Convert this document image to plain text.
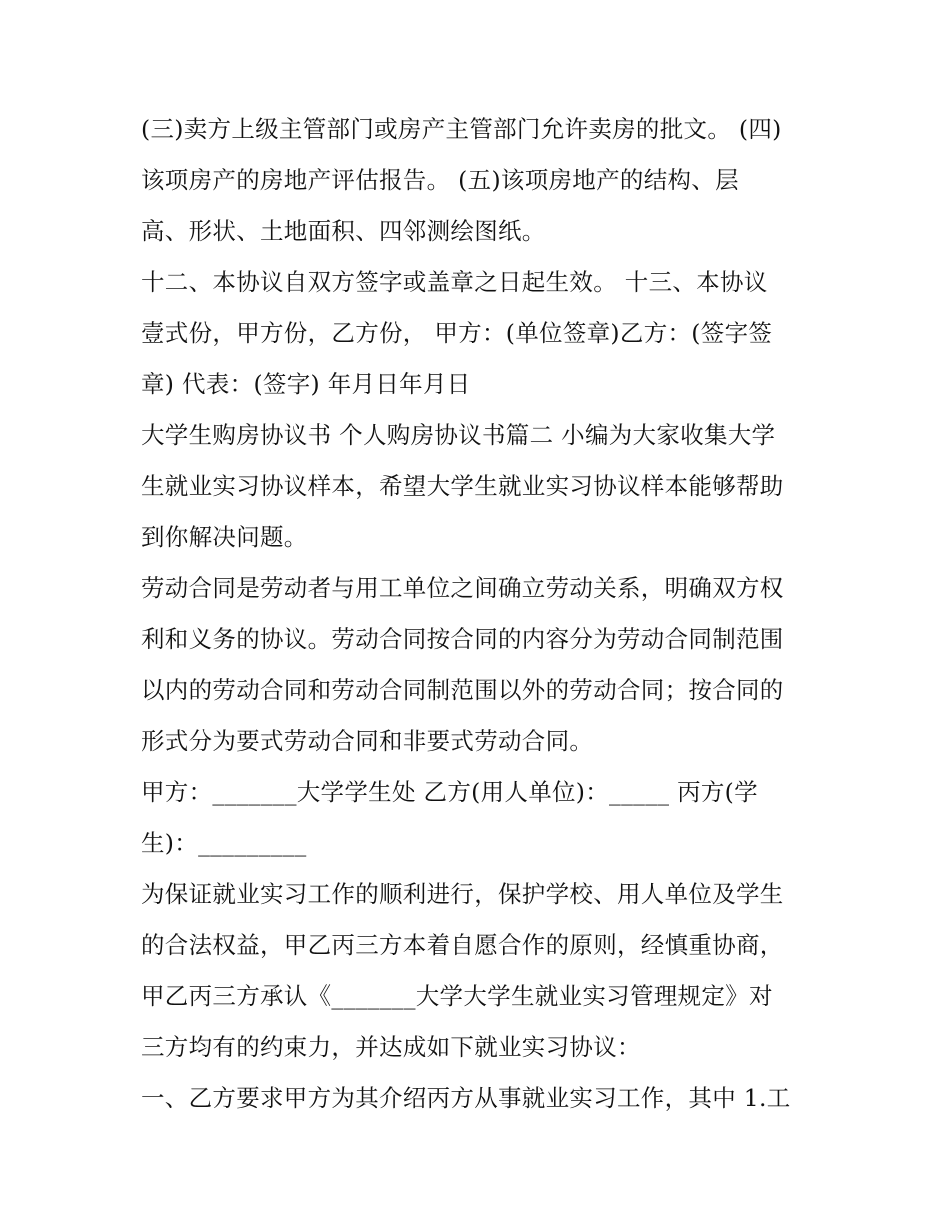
(三)卖方上级主管部门或房产主管部门允许卖房的批文。 (四)
该项房产的房地产评估报告。 (五)该项房地产的结构、层
高、形状、土地面积、四邻测绘图纸。
十二、本协议自双方签字或盖章之日起生效。 十三、本协议
壹式份，甲方份，乙方份， 甲方：(单位签章)乙方：(签字签
章) 代表：(签字) 年月日年月日
大学生购房协议书 个人购房协议书篇二 小编为大家收集大学
生就业实习协议样本，希望大学生就业实习协议样本能够帮助
到你解决问题。
劳动合同是劳动者与用工单位之间确立劳动关系，明确双方权
利和义务的协议。劳动合同按合同的内容分为劳动合同制范围
以内的劳动合同和劳动合同制范围以外的劳动合同；按合同的
形式分为要式劳动合同和非要式劳动合同。
甲方：_______大学学生处 乙方(用人单位)：_____ 丙方(学
生)：_________
为保证就业实习工作的顺利进行，保护学校、用人单位及学生
的合法权益，甲乙丙三方本着自愿合作的原则，经慎重协商，
甲乙丙三方承认《_______大学大学生就业实习管理规定》对
三方均有的约束力，并达成如下就业实习协议：
一、乙方要求甲方为其介绍丙方从事就业实习工作，其中 1.工
